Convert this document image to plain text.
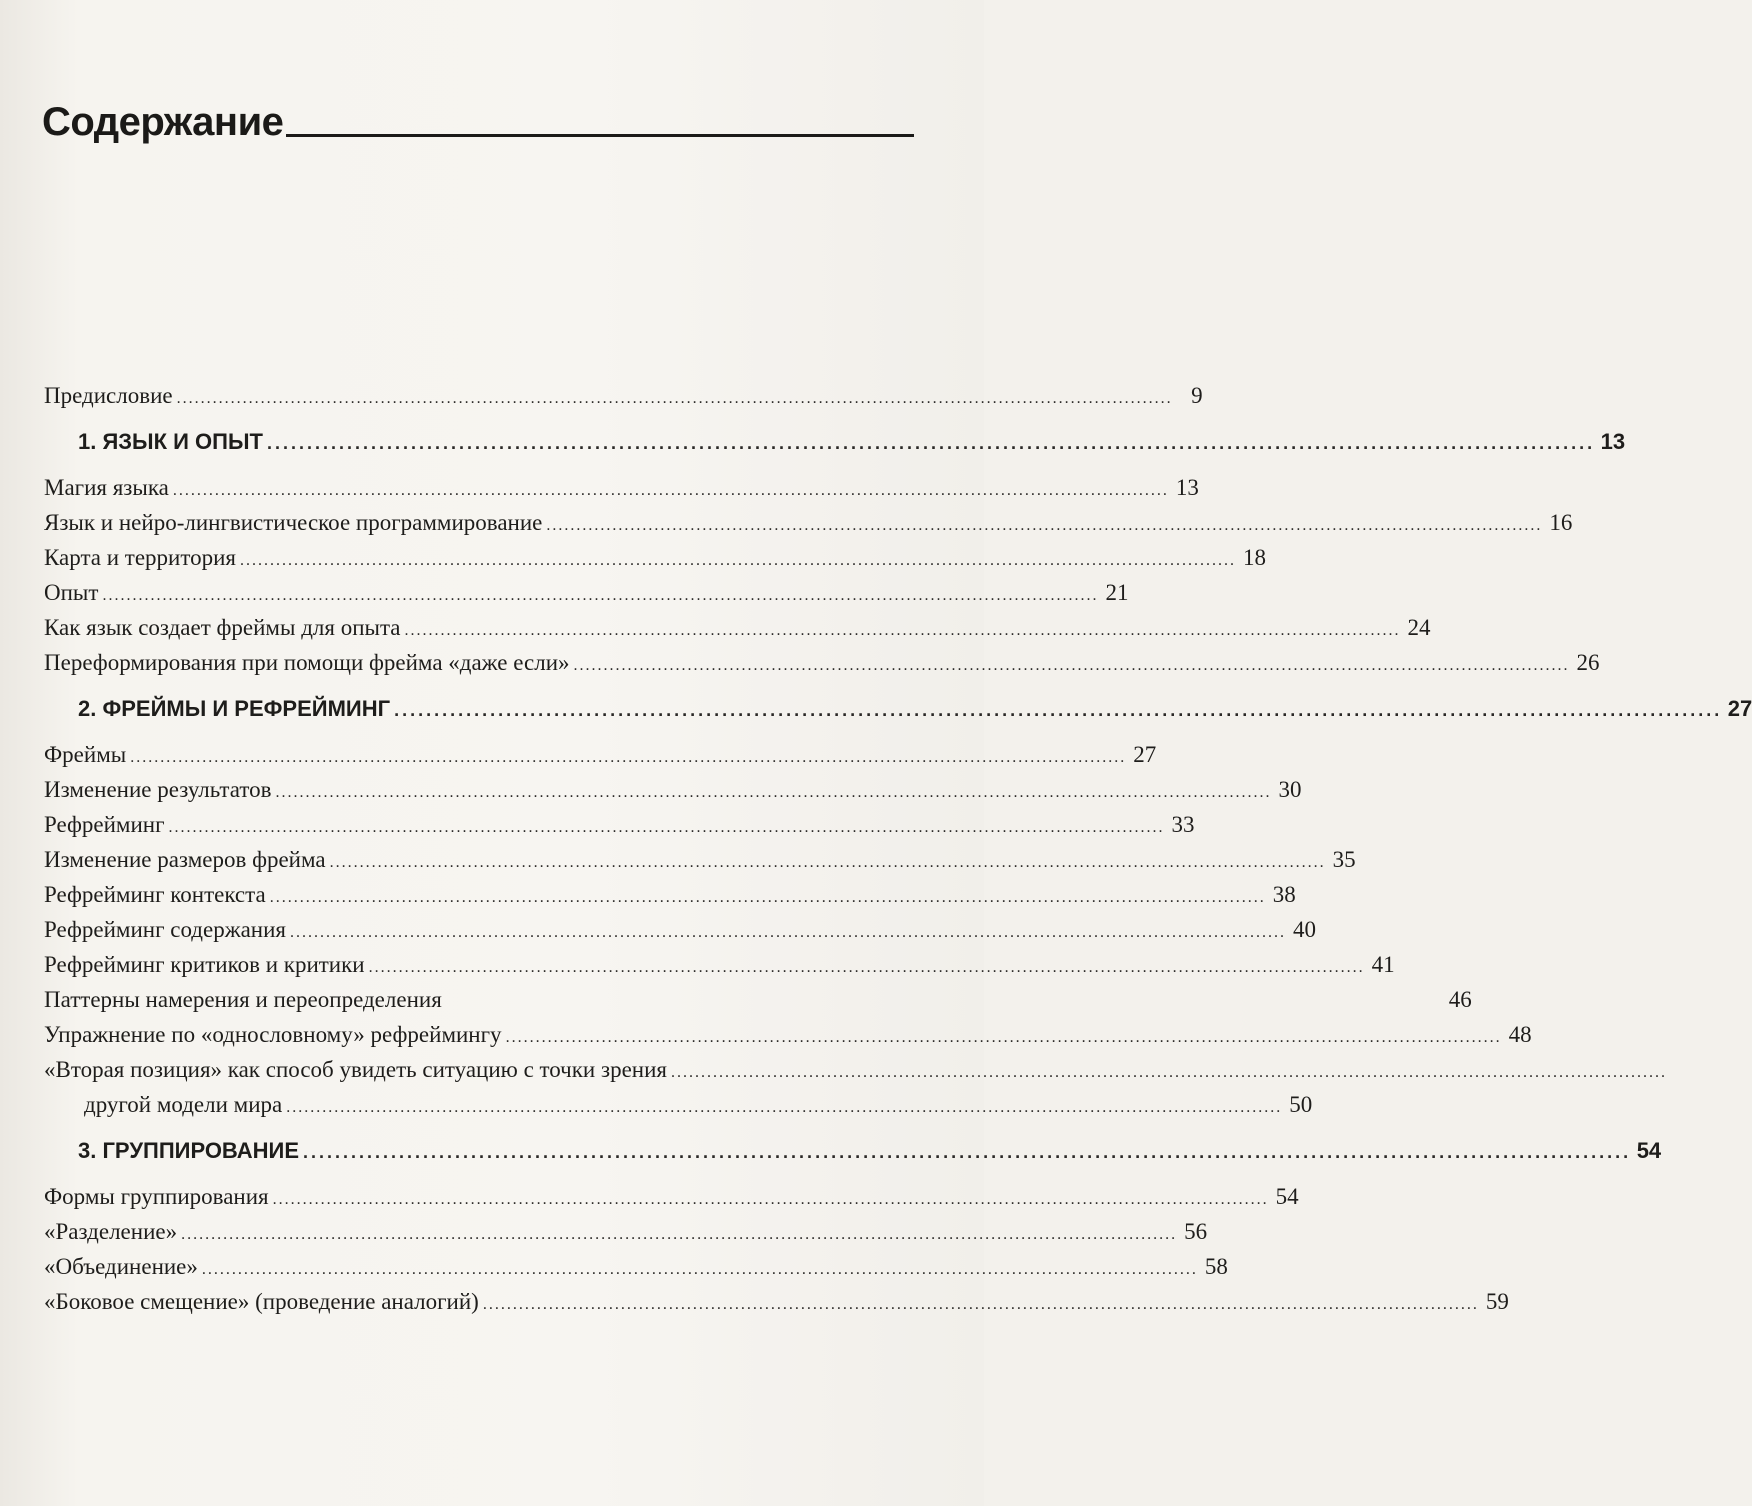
Содержание
Предисловие ...................................................................................................................................................................... 9
1. ЯЗЫК И ОПЫТ ...................................................................................................................................................................... 13
Магия языка ...................................................................................................................................................................... 13
Язык и нейро-лингвистическое программирование ...................................................................................................................................................................... 16
Карта и территория ...................................................................................................................................................................... 18
Опыт ...................................................................................................................................................................... 21
Как язык создает фреймы для опыта ...................................................................................................................................................................... 24
Переформирования при помощи фрейма «даже если» ...................................................................................................................................................................... 26
2. ФРЕЙМЫ И РЕФРЕЙМИНГ ...................................................................................................................................................................... 27
Фреймы ...................................................................................................................................................................... 27
Изменение результатов ...................................................................................................................................................................... 30
Рефрейминг ...................................................................................................................................................................... 33
Изменение размеров фрейма ...................................................................................................................................................................... 35
Рефрейминг контекста ...................................................................................................................................................................... 38
Рефрейминг содержания ...................................................................................................................................................................... 40
Рефрейминг критиков и критики ...................................................................................................................................................................... 41
Паттерны намерения и переопределения	46
Упражнение по «однословному» рефреймингу ...................................................................................................................................................................... 48
«Вторая позиция» как способ увидеть ситуацию с точки зрения ......................................................................................................................................................................
другой модели мира ...................................................................................................................................................................... 50
3. ГРУППИРОВАНИЕ ...................................................................................................................................................................... 54
Формы группирования ...................................................................................................................................................................... 54
«Разделение» ...................................................................................................................................................................... 56
«Объединение» ...................................................................................................................................................................... 58
«Боковое смещение» (проведение аналогий) ...................................................................................................................................................................... 59
